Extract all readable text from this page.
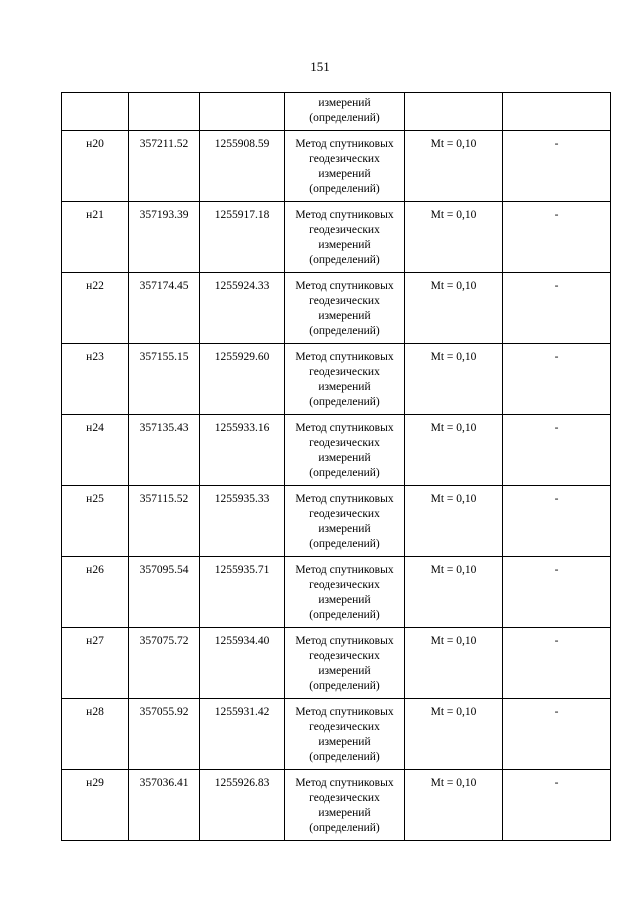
151

			измерений
(определений)		

н20	357211.52	1255908.59	Метод спутниковых
геодезических
измерений
(определений)	Mt = 0,10	-
н21	357193.39	1255917.18	Метод спутниковых
геодезических
измерений
(определений)	Mt = 0,10	-
н22	357174.45	1255924.33	Метод спутниковых
геодезических
измерений
(определений)	Mt = 0,10	-
н23	357155.15	1255929.60	Метод спутниковых
геодезических
измерений
(определений)	Mt = 0,10	-
н24	357135.43	1255933.16	Метод спутниковых
геодезических
измерений
(определений)	Mt = 0,10	-
н25	357115.52	1255935.33	Метод спутниковых
геодезических
измерений
(определений)	Mt = 0,10	-
н26	357095.54	1255935.71	Метод спутниковых
геодезических
измерений
(определений)	Mt = 0,10	-
н27	357075.72	1255934.40	Метод спутниковых
геодезических
измерений
(определений)	Mt = 0,10	-
н28	357055.92	1255931.42	Метод спутниковых
геодезических
измерений
(определений)	Mt = 0,10	-
н29	357036.41	1255926.83	Метод спутниковых
геодезических
измерений
(определений)	Mt = 0,10	-
